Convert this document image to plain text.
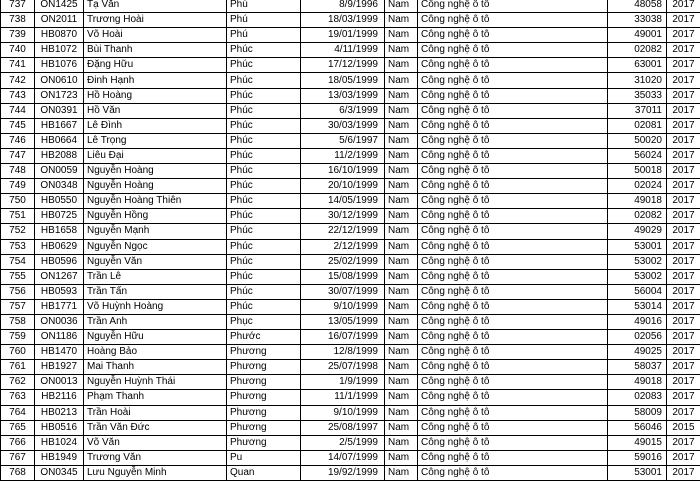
737	ON1425	Tạ Văn	Phú	8/9/1996	Nam	Công nghệ ô tô	48058	2017
738	ON2011	Trương Hoài	Phú	18/03/1999	Nam	Công nghệ ô tô	33038	2017
739	HB0870	Võ Hoài	Phú	19/01/1999	Nam	Công nghệ ô tô	49001	2017
740	HB1072	Bùi Thanh	Phúc	4/11/1999	Nam	Công nghệ ô tô	02082	2017
741	HB1076	Đặng Hữu	Phúc	17/12/1999	Nam	Công nghệ ô tô	63001	2017
742	ON0610	Đinh Hạnh	Phúc	18/05/1999	Nam	Công nghệ ô tô	31020	2017
743	ON1723	Hồ Hoàng	Phúc	13/03/1999	Nam	Công nghệ ô tô	35033	2017
744	ON0391	Hồ Văn	Phúc	6/3/1999	Nam	Công nghệ ô tô	37011	2017
745	HB1667	Lê Đình	Phúc	30/03/1999	Nam	Công nghệ ô tô	02081	2017
746	HB0664	Lê Trọng	Phúc	5/6/1997	Nam	Công nghệ ô tô	50020	2017
747	HB2088	Liêu Đại	Phúc	11/2/1999	Nam	Công nghệ ô tô	56024	2017
748	ON0059	Nguyễn Hoàng	Phúc	16/10/1999	Nam	Công nghệ ô tô	50018	2017
749	ON0348	Nguyễn Hoàng	Phúc	20/10/1999	Nam	Công nghệ ô tô	02024	2017
750	HB0550	Nguyễn Hoàng Thiên	Phúc	14/05/1999	Nam	Công nghệ ô tô	49018	2017
751	HB0725	Nguyễn Hồng	Phúc	30/12/1999	Nam	Công nghệ ô tô	02082	2017
752	HB1658	Nguyễn Mạnh	Phúc	22/12/1999	Nam	Công nghệ ô tô	49029	2017
753	HB0629	Nguyễn Ngọc	Phúc	2/12/1999	Nam	Công nghệ ô tô	53001	2017
754	HB0596	Nguyễn Văn	Phúc	25/02/1999	Nam	Công nghệ ô tô	53002	2017
755	ON1267	Trần Lê	Phúc	15/08/1999	Nam	Công nghệ ô tô	53002	2017
756	HB0593	Trần Tấn	Phúc	30/07/1999	Nam	Công nghệ ô tô	56004	2017
757	HB1771	Võ Huỳnh Hoàng	Phúc	9/10/1999	Nam	Công nghệ ô tô	53014	2017
758	ON0036	Trần Anh	Phục	13/05/1999	Nam	Công nghệ ô tô	49016	2017
759	ON1186	Nguyễn Hữu	Phước	16/07/1999	Nam	Công nghệ ô tô	02056	2017
760	HB1470	Hoàng Bảo	Phương	12/8/1999	Nam	Công nghệ ô tô	49025	2017
761	HB1927	Mai Thanh	Phương	25/07/1998	Nam	Công nghệ ô tô	58037	2017
762	ON0013	Nguyễn Huỳnh Thái	Phương	1/9/1999	Nam	Công nghệ ô tô	49018	2017
763	HB2116	Phạm Thanh	Phương	11/1/1999	Nam	Công nghệ ô tô	02083	2017
764	HB0213	Trần Hoài	Phương	9/10/1999	Nam	Công nghệ ô tô	58009	2017
765	HB0516	Trần Văn Đức	Phương	25/08/1997	Nam	Công nghệ ô tô	56046	2015
766	HB1024	Võ Văn	Phương	2/5/1999	Nam	Công nghệ ô tô	49015	2017
767	HB1949	Trương Văn	Pu	14/07/1999	Nam	Công nghệ ô tô	59016	2017
768	ON0345	Lưu Nguyễn Minh	Quan	19/92/1999	Nam	Công nghệ ô tô	53001	2017
